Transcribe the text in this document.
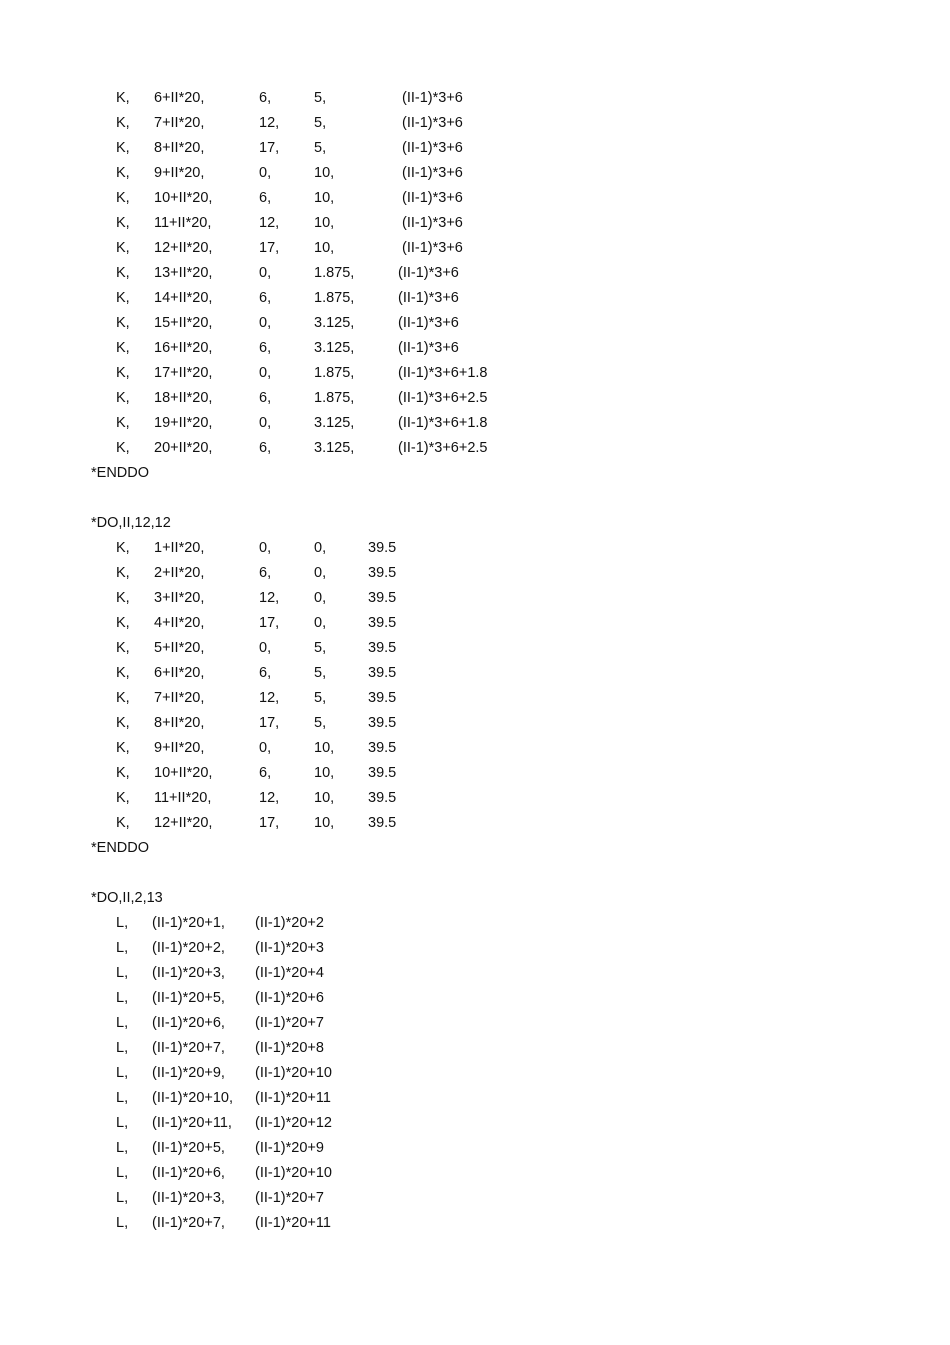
K, 6+II*20,	6,	5,	(II-1)*3+6
K, 7+II*20,	12, 5,	(II-1)*3+6
K, 8+II*20,	17, 5,	(II-1)*3+6
K, 9+II*20,	0,	10,	(II-1)*3+6
K, 10+II*20,	6,	10,	(II-1)*3+6
K, 11+II*20,	12, 10,	(II-1)*3+6
K, 12+II*20,	17, 10,	(II-1)*3+6
K, 13+II*20,	0,	1.875,	(II-1)*3+6
K, 14+II*20,	6,	1.875,	(II-1)*3+6
K, 15+II*20,	0,	3.125,	(II-1)*3+6
K, 16+II*20,	6,	3.125,	(II-1)*3+6
K, 17+II*20,	0,	1.875,	(II-1)*3+6+1.8
K, 18+II*20,	6,	1.875,	(II-1)*3+6+2.5
K, 19+II*20,	0,	3.125,	(II-1)*3+6+1.8
K, 20+II*20,	6,	3.125,	(II-1)*3+6+2.5
*ENDDO
*DO,II,12,12
K, 1+II*20,	0,	0,	39.5
K, 2+II*20,	6,	0,	39.5
K, 3+II*20,	12, 0,	39.5
K, 4+II*20,	17, 0,	39.5
K, 5+II*20,	0,	5,	39.5
K, 6+II*20,	6,	5,	39.5
K, 7+II*20,	12, 5,	39.5
K, 8+II*20,	17, 5,	39.5
K, 9+II*20,	0,	10, 39.5
K, 10+II*20,	6,	10, 39.5
K, 11+II*20,	12, 10, 39.5
K, 12+II*20,	17, 10, 39.5
*ENDDO
*DO,II,2,13
L, (II-1)*20+1, (II-1)*20+2
L, (II-1)*20+2, (II-1)*20+3
L, (II-1)*20+3, (II-1)*20+4
L, (II-1)*20+5, (II-1)*20+6
L, (II-1)*20+6, (II-1)*20+7
L, (II-1)*20+7, (II-1)*20+8
L, (II-1)*20+9, (II-1)*20+10
L, (II-1)*20+10, (II-1)*20+11
L, (II-1)*20+11, (II-1)*20+12
L, (II-1)*20+5, (II-1)*20+9
L, (II-1)*20+6, (II-1)*20+10
L, (II-1)*20+3, (II-1)*20+7
L, (II-1)*20+7, (II-1)*20+11
